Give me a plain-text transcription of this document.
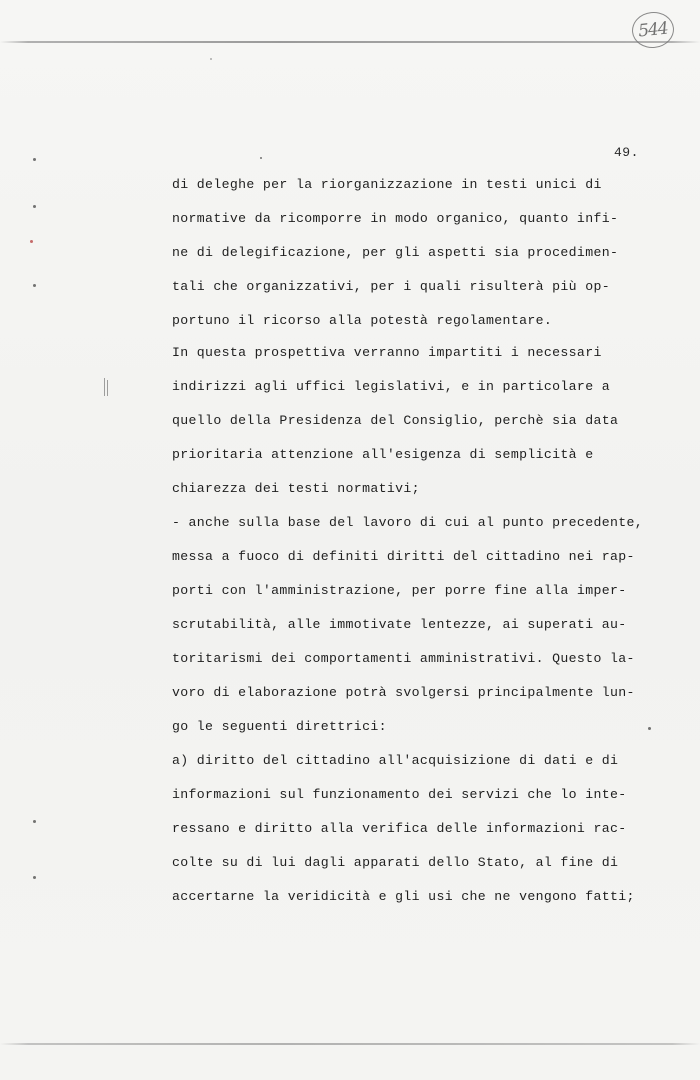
544
49.
di deleghe per la riorganizzazione in testi unici di
normative da ricomporre in modo organico, quanto infi-
ne di delegificazione, per gli aspetti sia procedimen-
tali che organizzativi, per i quali risulterà più op-
portuno il ricorso alla potestà regolamentare.
In questa prospettiva verranno impartiti i necessari
indirizzi agli uffici legislativi, e in particolare a
quello della Presidenza del Consiglio, perchè sia data
prioritaria attenzione all'esigenza di semplicità e
chiarezza dei testi normativi;
- anche sulla base del lavoro di cui al punto precedente,
messa a fuoco di definiti diritti del cittadino nei rap-
porti con l'amministrazione, per porre fine alla imper-
scrutabilità, alle immotivate lentezze, ai superati au-
toritarismi dei comportamenti amministrativi. Questo la-
voro di elaborazione potrà svolgersi principalmente lun-
go le seguenti direttrici:
a) diritto del cittadino all'acquisizione di dati e di
informazioni sul funzionamento dei servizi che lo inte-
ressano e diritto alla verifica delle informazioni rac-
colte su di lui dagli apparati dello Stato, al fine di
accertarne la veridicità e gli usi che ne vengono fatti;
